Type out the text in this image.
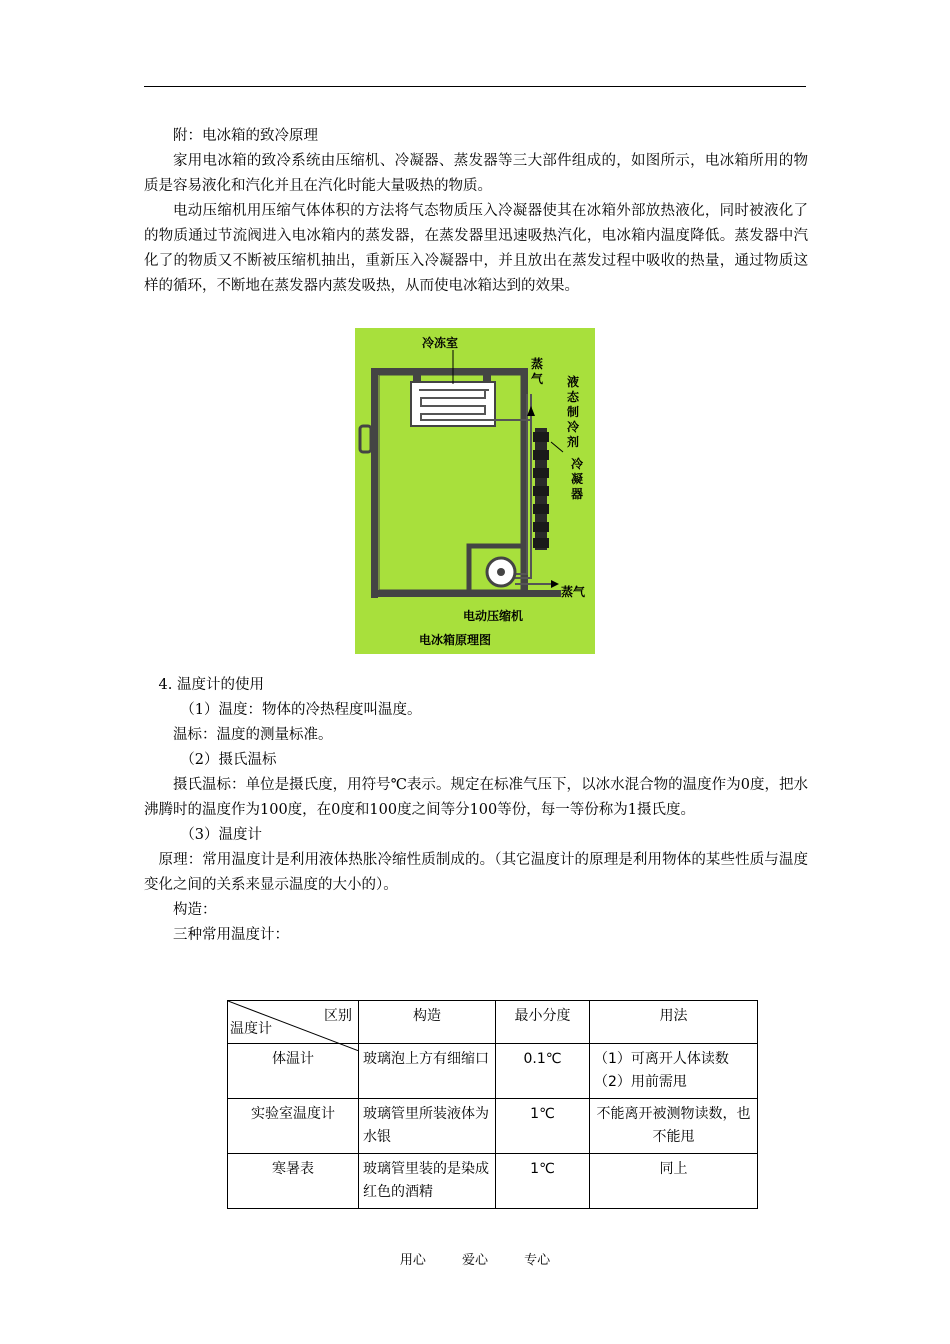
附：电冰箱的致冷原理

家用电冰箱的致冷系统由压缩机、冷凝器、蒸发器等三大部件组成的，如图所示，电冰箱所用的物质是容易液化和汽化并且在汽化时能大量吸热的物质。

电动压缩机用压缩气体体积的方法将气态物质压入冷凝器使其在冰箱外部放热液化，同时被液化了的物质通过节流阀进入电冰箱内的蒸发器，在蒸发器里迅速吸热汽化，电冰箱内温度降低。蒸发器中汽化了的物质又不断被压缩机抽出，重新压入冷凝器中，并且放出在蒸发过程中吸收的热量，通过物质这样的循环，不断地在蒸发器内蒸发吸热，从而使电冰箱达到的效果。

冷冻室
蒸气 液态制冷剂
冷凝器
蒸气
电动压缩机
电冰箱原理图

4. 温度计的使用

（1）温度：物体的冷热程度叫温度。

温标：温度的测量标准。

（2）摄氏温标

摄氏温标：单位是摄氏度，用符号℃表示。规定在标准气压下，以冰水混合物的温度作为0度，把水沸腾时的温度作为100度，在0度和100度之间等分100等份，每一等份称为1摄氏度。

（3）温度计

原理：常用温度计是利用液体热胀冷缩性质制成的。（其它温度计的原理是利用物体的某些性质与温度变化之间的关系来显示温度的大小的）。

构造：

三种常用温度计：

区别
温度计	构造	最小分度	用法
体温计	玻璃泡上方有细缩口	0.1℃	（1）可离开人体读数
（2）用前需甩

实验室温度计	玻璃管里所装液体为水银	1℃	不能离开被测物读数，也不能甩
寒暑表	玻璃管里装的是染成红色的酒精	1℃	同上
用心	爱心	专心
